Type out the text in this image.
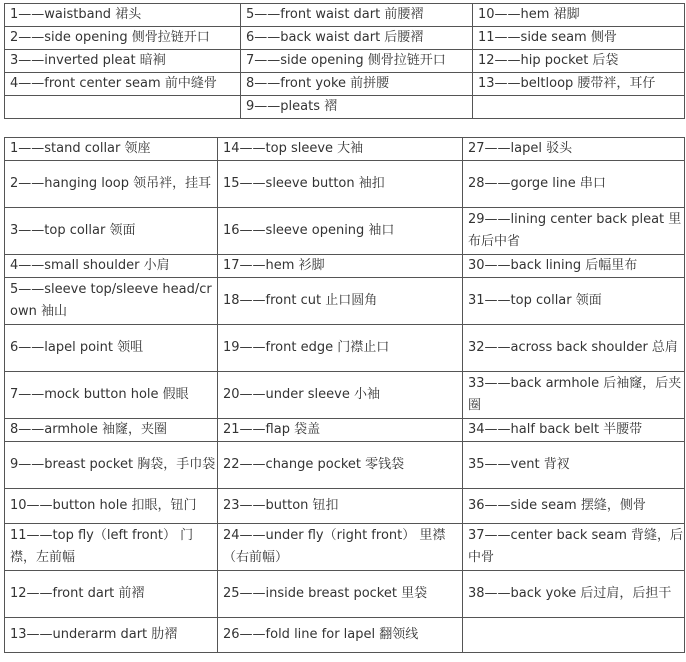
1——waistband 裙头	5——front waist dart 前腰褶	10——hem 裙脚
2——side opening 侧骨拉链开口	6——back waist dart 后腰褶	11——side seam 侧骨
3——inverted pleat 暗裥	7——side opening 侧骨拉链开口	12——hip pocket 后袋
4——front center seam 前中缝骨	8——front yoke 前拼腰	13——beltloop 腰带袢，耳仔
	9——pleats 褶	
1——stand collar 领座	14——top sleeve 大袖	27——lapel 驳头
2——hanging loop 领吊袢，挂耳	15——sleeve button 袖扣	28——gorge line 串口
3——top collar 领面	16——sleeve opening 袖口	29——lining center back pleat 里布后中省
4——small shoulder 小肩	17——hem 衫脚	30——back lining 后幅里布
5——sleeve top/sleeve head/crown 袖山	18——front cut 止口圆角	31——top collar 领面
6——lapel point 领咀	19——front edge 门襟止口	32——across back shoulder 总肩
7——mock button hole 假眼	20——under sleeve 小袖	33——back armhole 后袖窿，后夹圈
8——armhole 袖窿，夹圈	21——flap 袋盖	34——half back belt 半腰带
9——breast pocket 胸袋，手巾袋	22——change pocket 零钱袋	35——vent 背衩
10——button hole 扣眼，钮门	23——button 钮扣	36——side seam 摆缝，侧骨
11——top fly（left front） 门襟，左前幅	24——under fly（right front） 里襟（右前幅）	37——center back seam 背缝，后中骨
12——front dart 前褶	25——inside breast pocket 里袋	38——back yoke 后过肩，后担干
13——underarm dart 肋褶	26——fold line for lapel 翻领线	
